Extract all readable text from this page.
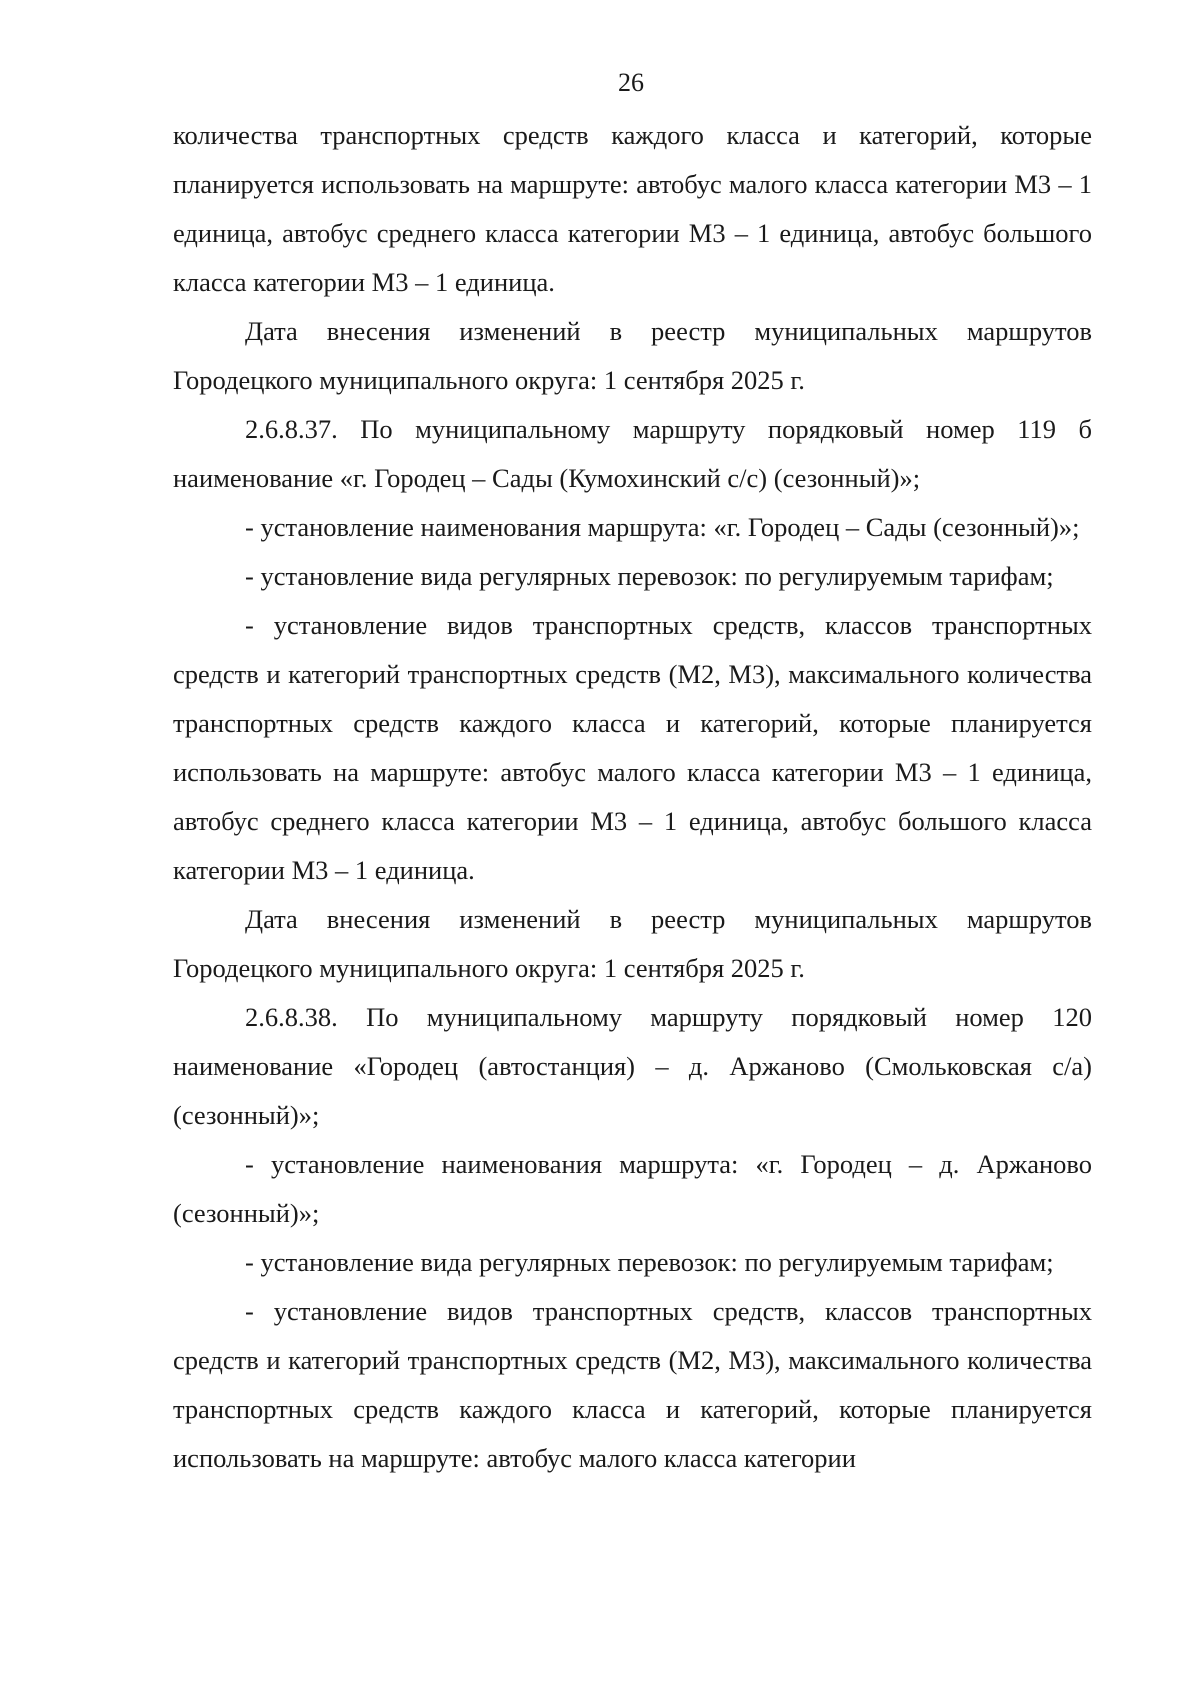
26

количества транспортных средств каждого класса и категорий, которые планируется использовать на маршруте: автобус малого класса категории М3 – 1 единица, автобус среднего класса категории М3 – 1 единица, автобус большого класса категории М3 – 1 единица.

Дата внесения изменений в реестр муниципальных маршрутов Городецкого муниципального округа: 1 сентября 2025 г.

2.6.8.37. По муниципальному маршруту порядковый номер 119 б наименование «г. Городец – Сады (Кумохинский с/с) (сезонный)»;

- установление наименования маршрута: «г. Городец – Сады (сезонный)»;

- установление вида регулярных перевозок: по регулируемым тарифам;

- установление видов транспортных средств, классов транспортных средств и категорий транспортных средств (М2, М3), максимального количества транспортных средств каждого класса и категорий, которые планируется использовать на маршруте: автобус малого класса категории М3 – 1 единица, автобус среднего класса категории М3 – 1 единица, автобус большого класса категории М3 – 1 единица.

Дата внесения изменений в реестр муниципальных маршрутов Городецкого муниципального округа: 1 сентября 2025 г.

2.6.8.38. По муниципальному маршруту порядковый номер 120 наименование «Городец (автостанция) – д. Аржаново (Смольковская с/а) (сезонный)»;

- установление наименования маршрута: «г. Городец – д. Аржаново (сезонный)»;

- установление вида регулярных перевозок: по регулируемым тарифам;

- установление видов транспортных средств, классов транспортных средств и категорий транспортных средств (М2, М3), максимального количества транспортных средств каждого класса и категорий, которые планируется использовать на маршруте: автобус малого класса категории
